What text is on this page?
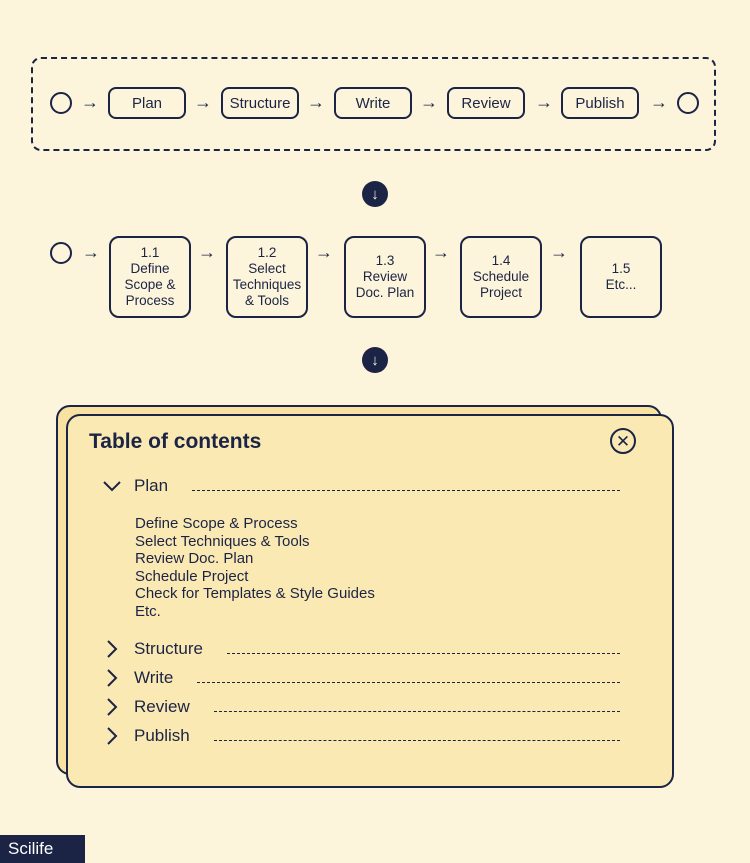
→ Plan → Structure → Write → Review → Publish →
↓
→	1.1
Define
Scope &
Process
→	1.2
Select
Techniques
& Tools
→	1.3
Review
Doc. Plan
→	1.4
Schedule
Project
→
1.5
Etc...
↓
Table of contents	✕
Plan
Define Scope & Process
Select Techniques & Tools
Review Doc. Plan
Schedule Project
Check for Templates & Style Guides
Etc.
Structure
Write
Review
Publish
Scilife
